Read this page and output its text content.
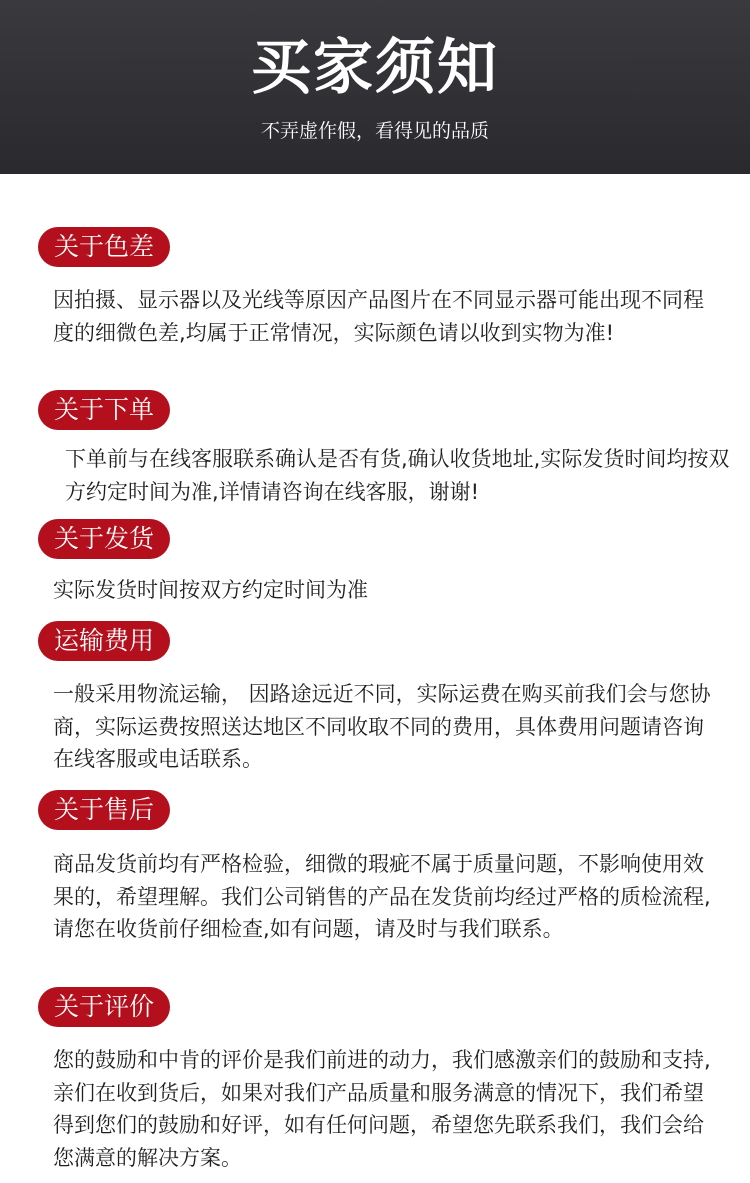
买家须知
不弄虚作假，看得见的品质
关于色差
因拍摄、显示器以及光线等原因产品图片在不同显示器可能出现不同程度的细微色差,均属于正常情况，实际颜色请以收到实物为准!
关于下单
下单前与在线客服联系确认是否有货,确认收货地址,实际发货时间均按双方约定时间为准,详情请咨询在线客服，谢谢!
关于发货
实际发货时间按双方约定时间为准
运输费用
一般采用物流运输， 因路途远近不同，实际运费在购买前我们会与您协商，实际运费按照送达地区不同收取不同的费用，具体费用问题请咨询在线客服或电话联系。
关于售后
商品发货前均有严格检验，细微的瑕疵不属于质量问题，不影响使用效果的，希望理解。我们公司销售的产品在发货前均经过严格的质检流程,请您在收货前仔细检查,如有问题，请及时与我们联系。
关于评价
您的鼓励和中肯的评价是我们前进的动力，我们感激亲们的鼓励和支持,亲们在收到货后，如果对我们产品质量和服务满意的情况下，我们希望得到您们的鼓励和好评，如有任何问题，希望您先联系我们，我们会给您满意的解决方案。
